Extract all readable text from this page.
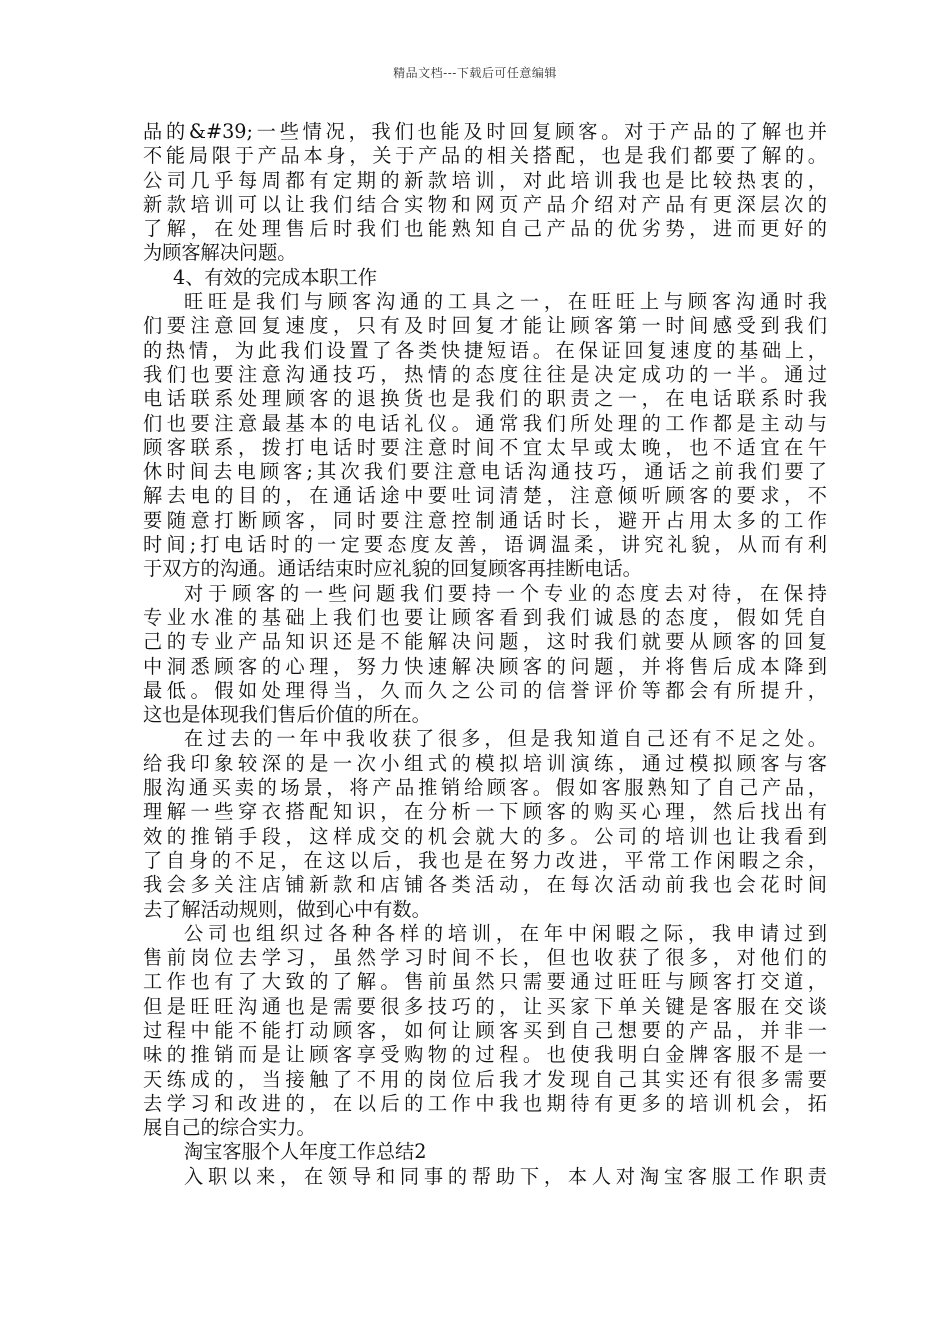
精品文档---下载后可任意编辑
品的&#39;一些情况，我们也能及时回复顾客。对于产品的了解也并
不能局限于产品本身，关于产品的相关搭配，也是我们都要了解的。
公司几乎每周都有定期的新款培训，对此培训我也是比较热衷的，
新款培训可以让我们结合实物和网页产品介绍对产品有更深层次的
了解，在处理售后时我们也能熟知自己产品的优劣势，进而更好的
为顾客解决问题。
4、有效的完成本职工作
旺旺是我们与顾客沟通的工具之一，在旺旺上与顾客沟通时我
们要注意回复速度，只有及时回复才能让顾客第一时间感受到我们
的热情，为此我们设置了各类快捷短语。在保证回复速度的基础上，
我们也要注意沟通技巧，热情的态度往往是决定成功的一半。通过
电话联系处理顾客的退换货也是我们的职责之一，在电话联系时我
们也要注意最基本的电话礼仪。通常我们所处理的工作都是主动与
顾客联系，拨打电话时要注意时间不宜太早或太晚，也不适宜在午
休时间去电顾客;其次我们要注意电话沟通技巧，通话之前我们要了
解去电的目的，在通话途中要吐词清楚，注意倾听顾客的要求，不
要随意打断顾客，同时要注意控制通话时长，避开占用太多的工作
时间;打电话时的一定要态度友善，语调温柔，讲究礼貌，从而有利
于双方的沟通。通话结束时应礼貌的回复顾客再挂断电话。
对于顾客的一些问题我们要持一个专业的态度去对待，在保持
专业水准的基础上我们也要让顾客看到我们诚恳的态度，假如凭自
己的专业产品知识还是不能解决问题，这时我们就要从顾客的回复
中洞悉顾客的心理，努力快速解决顾客的问题，并将售后成本降到
最低。假如处理得当，久而久之公司的信誉评价等都会有所提升，
这也是体现我们售后价值的所在。
在过去的一年中我收获了很多，但是我知道自己还有不足之处。
给我印象较深的是一次小组式的模拟培训演练，通过模拟顾客与客
服沟通买卖的场景，将产品推销给顾客。假如客服熟知了自己产品，
理解一些穿衣搭配知识，在分析一下顾客的购买心理，然后找出有
效的推销手段，这样成交的机会就大的多。公司的培训也让我看到
了自身的不足，在这以后，我也是在努力改进，平常工作闲暇之余，
我会多关注店铺新款和店铺各类活动，在每次活动前我也会花时间
去了解活动规则，做到心中有数。
公司也组织过各种各样的培训，在年中闲暇之际，我申请过到
售前岗位去学习，虽然学习时间不长，但也收获了很多，对他们的
工作也有了大致的了解。售前虽然只需要通过旺旺与顾客打交道，
但是旺旺沟通也是需要很多技巧的，让买家下单关键是客服在交谈
过程中能不能打动顾客，如何让顾客买到自己想要的产品，并非一
味的推销而是让顾客享受购物的过程。也使我明白金牌客服不是一
天练成的，当接触了不用的岗位后我才发现自己其实还有很多需要
去学习和改进的，在以后的工作中我也期待有更多的培训机会，拓
展自己的综合实力。
淘宝客服个人年度工作总结2
入职以来，在领导和同事的帮助下，本人对淘宝客服工作职责
